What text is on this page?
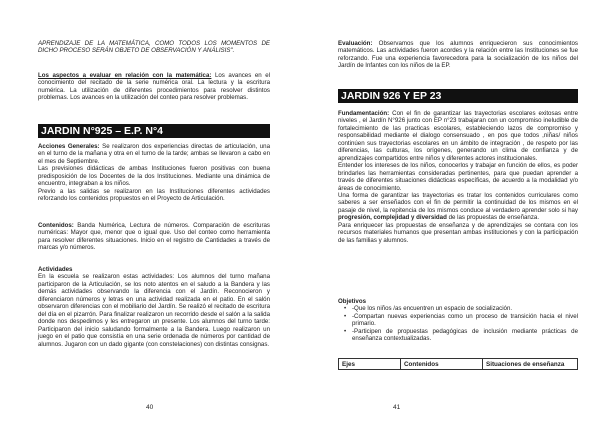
APRENDIZAJE DE LA MATEMÁTICA, COMO TODOS LOS MOMENTOS DE DICHO PROCESO SERÁN OBJETO DE OBSERVACIÓN Y ANÁLISIS".

Los aspectos a evaluar en relación con la matemática: Los avances en el conocimiento del recitado de la serie numérica oral. La lectura y la escritura numérica. La utilización de diferentes procedimientos para resolver distintos problemas. Los avances en la utilización del conteo para resolver problemas.

JARDIN N°925 – E.P. N°4

Acciones Generales: Se realizaron dos experiencias directas de articulación, una en el turno de la mañana y otra en el turno de la tarde; ambas se llevaron a cabo en el mes de Septiembre.

Las previsiones didácticas de ambas Instituciones fueron positivas con buena predisposición de los Docentes de la dos Instituciones. Mediante una dinámica de encuentro, integraban a los niños.

Previo a las salidas se realizaron en las Instituciones diferentes actividades reforzando los contenidos propuestos en el Proyecto de Articulación.

Contenidos: Banda Numérica, Lectura de números. Comparación de escrituras numéricas: Mayor que, menor que o igual que. Uso del conteo como herramienta para resolver diferentes situaciones. Inicio en el registro de Cantidades a través de marcas y/o números.

Actividades

En la escuela se realizaron estas actividades: Los alumnos del turno mañana participaron de la Articulación, se los noto atentos en el saludo a la Bandera y las demás actividades observando la diferencia con el Jardín. Reconocieron y diferenciaron números y letras en una actividad realizada en el patio. En el salón observaron diferencias con el mobiliario del Jardín. Se realizó el recitado de escritura del día en el pizarrón. Para finalizar realizaron un recorrido desde el salón a la salida donde nos despedimos y les entregaron un presente. Los alumnos del turno tarde: Participaron del inicio saludando formalmente a la Bandera. Luego realizaron un juego en el patio que consistía en una serie ordenada de números por cantidad de alumnos. Jugaron con un dado gigante (con constelaciones) con distintas consignas.

40

Evaluación: Observamos que los alumnos enriquecieron sus conocimientos matemáticos. Las actividades fueron acordes y la relación entre las Instituciones se fue reforzando. Fue una experiencia favorecedora para la socialización de los niños del Jardín de Infantes con los niños de la EP.

JARDIN 926 Y EP 23

Fundamentación: Con el fin de garantizar las trayectorias escolares exitosas entre niveles , el Jardín N°926 junto con EP n°23 trabajaran con un compromiso ineludible de fortalecimiento de las practicas escolares, estableciendo lazos de compromiso y responsabilidad mediante el dialogo consensuado , en pos que todos ,niñas/ niños continúen sus trayectorias escolares en un ámbito de integración , de respeto por las diferencias, las culturas, los orígenes, generando un clima de confianza y de aprendizajes compartidos entre niños y diferentes actores institucionales.

Entender los intereses de los niños, conocerlos y trabajar en función de ellos, es poder brindarles las herramientas consideradas pertinentes, para que puedan aprender a través de diferentes situaciones didácticas específicas, de acuerdo a la modalidad y/o áreas de conocimiento.

Una forma de garantizar las trayectorias es tratar los contenidos curriculares como saberes a ser enseñados con el fin de permitir la continuidad de los mismos en el pasaje de nivel, la repitencia de los mismos conduce al verdadero aprender solo si hay progresión, complejidad y diversidad de las propuestas de enseñanza.

Para enriquecer las propuestas de enseñanza y de aprendizajes se contara con los recursos materiales humanos que presentan ambas instituciones y con la participación de las familias y alumnos.

Objetivos

• -Que los niños /as encuentren un espacio de socialización.
• -Compartan nuevas experiencias como un proceso de transición hacia el nivel primario.
• -Participen de propuestas pedagógicas de inclusión mediante prácticas de enseñanza contextualizadas.
Ejes	Contenidos	Situaciones de enseñanza
41
